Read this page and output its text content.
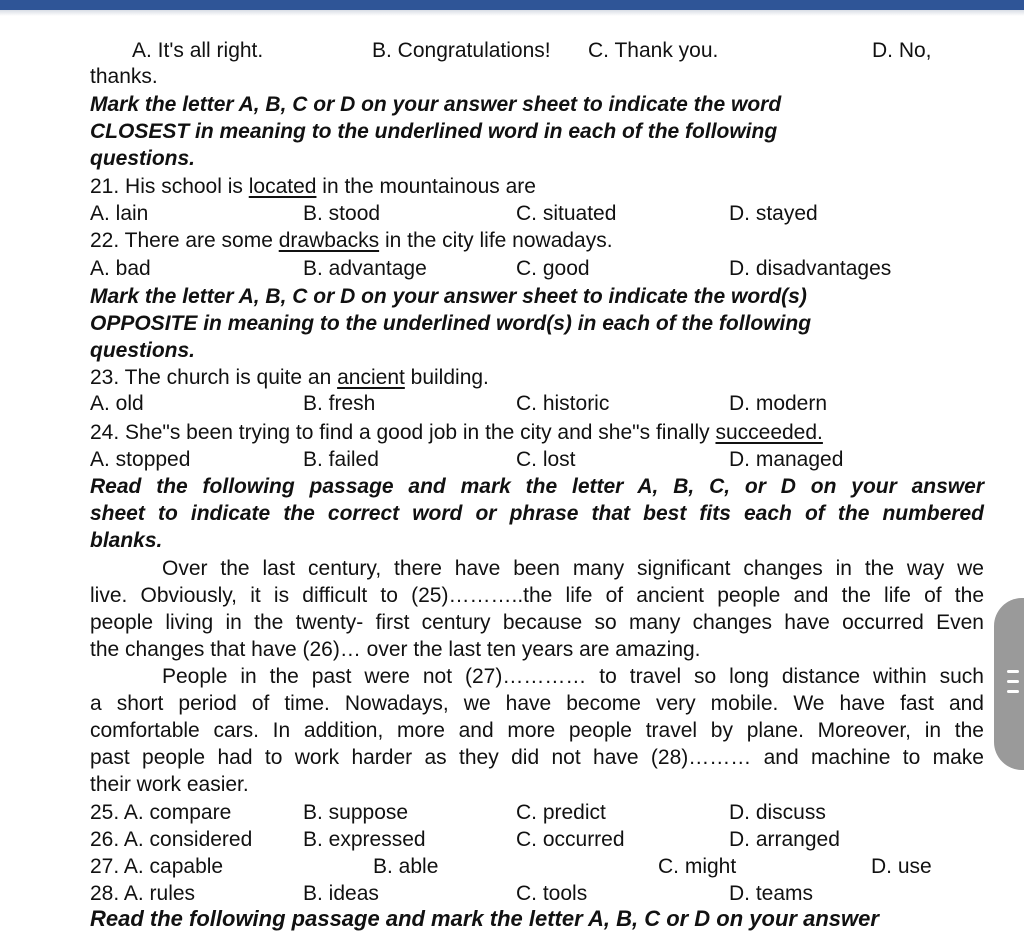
A. It's all right.	B. Congratulations! C. Thank you.	D. No,
thanks.
Mark the letter A, B, C or D on your answer sheet to indicate the word
CLOSEST in meaning to the underlined word in each of the following
questions.
21. His school is located in the mountainous are
A. lain	B. stood	C. situated	D. stayed
22. There are some drawbacks in the city life nowadays.
A. bad	B. advantage	C. good	D. disadvantages
Mark the letter A, B, C or D on your answer sheet to indicate the word(s)
OPPOSITE in meaning to the underlined word(s) in each of the following
questions.
23. The church is quite an ancient building.
A. old	B. fresh	C. historic	D. modern
24. She"s been trying to find a good job in the city and she"s finally succeeded.
A. stopped	B. failed	C. lost	D. managed
Read the following passage and mark the letter A, B, C, or D on your answer
sheet to indicate the correct word or phrase that best fits each of the numbered
blanks.
Over the last century, there have been many significant changes in the way we
live. Obviously, it is difficult to (25)………..the life of ancient people and the life of the
people living in the twenty- first century because so many changes have occurred Even
the changes that have (26)… over the last ten years are amazing.
People in the past were not (27)………… to travel so long distance within such
a short period of time. Nowadays, we have become very mobile. We have fast and
comfortable cars. In addition, more and more people travel by plane. Moreover, in the
past people had to work harder as they did not have (28)……… and machine to make
their work easier.
25. A. compare	B. suppose	C. predict	D. discuss
26. A. considered B. expressed	C. occurred	D. arranged
27. A. capable	B. able	C. might	D. use
28. A. rules	B. ideas	C. tools	D. teams
Read the following passage and mark the letter A, B, C or D on your answer
